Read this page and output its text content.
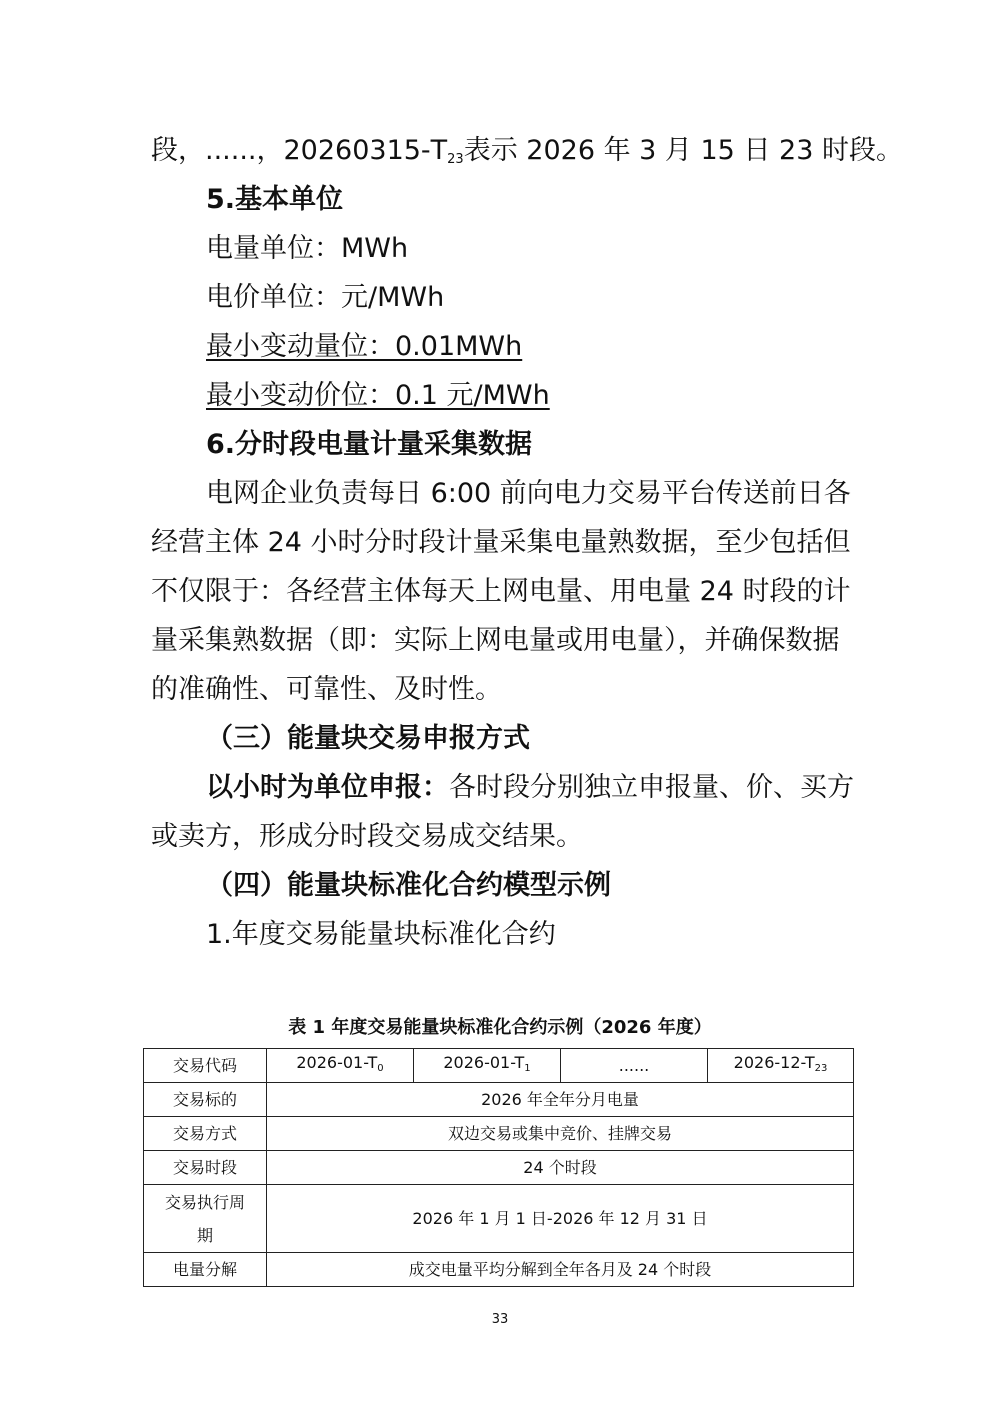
段，......，$20260315-T_{23}$表示 2026 年 3 月 15 日 23 时段。
5.基本单位
电量单位：MWh
电价单位：元/MWh
最小变动量位：0.01MWh
最小变动价位：0.1 元/MWh
6.分时段电量计量采集数据
电网企业负责每日 6:00 前向电力交易平台传送前日各
经营主体 24 小时分时段计量采集电量熟数据，至少包括但
不仅限于：各经营主体每天上网电量、用电量 24 时段的计
量采集熟数据（即：实际上网电量或用电量），并确保数据
的准确性、可靠性、及时性。
（三）能量块交易申报方式
以小时为单位申报：各时段分别独立申报量、价、买方
或卖方，形成分时段交易成交结果。
（四）能量块标准化合约模型示例
1.年度交易能量块标准化合约
表 1 年度交易能量块标准化合约示例（2026 年度）
交易代码	$2026-01-T_0$	$2026-01-T_1$	......	$2026-12-T_{23}$
交易标的	2026 年全年分月电量			
交易方式	双边交易或集中竞价、挂牌交易			
交易时段	24 个时段			
交易执行周
期	2026 年 1 月 1 日-2026 年 12 月 31 日			
电量分解	成交电量平均分解到全年各月及 24 个时段			
33
